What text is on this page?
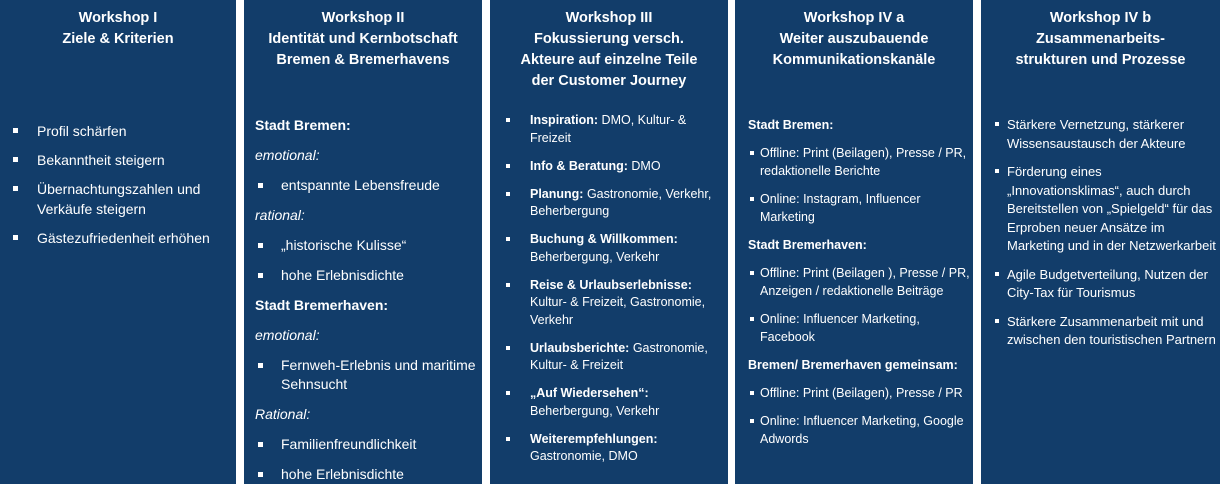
Workshop I
Ziele & Kriterien
Profil schärfen
Bekanntheit steigern
Übernachtungszahlen und Verkäufe steigern
Gästezufriedenheit erhöhen
Workshop II
Identität und Kernbotschaft
Bremen & Bremerhavens
Stadt Bremen:
emotional:
entspannte Lebensfreude
rational:
„historische Kulisse“
hohe Erlebnisdichte
Stadt Bremerhaven:
emotional:
Fernweh-Erlebnis und maritime Sehnsucht
Rational:
Familienfreundlichkeit
hohe Erlebnisdichte
Workshop III
Fokussierung versch.
Akteure auf einzelne Teile
der Customer Journey
Inspiration: DMO, Kultur- & Freizeit
Info & Beratung: DMO
Planung: Gastronomie, Verkehr, Beherbergung
Buchung & Willkommen: Beherbergung, Verkehr
Reise & Urlaubserlebnisse: Kultur- & Freizeit, Gastronomie, Verkehr
Urlaubsberichte: Gastronomie, Kultur- & Freizeit
„Auf Wiedersehen“: Beherbergung, Verkehr
Weiterempfehlungen: Gastronomie, DMO
Workshop IV a
Weiter auszubauende
Kommunikationskanäle
Stadt Bremen:
Offline: Print (Beilagen), Presse / PR, redaktionelle Berichte
Online: Instagram, Influencer Marketing
Stadt Bremerhaven:
Offline: Print (Beilagen ), Presse / PR, Anzeigen / redaktionelle Beiträge
Online: Influencer Marketing, Facebook
Bremen/ Bremerhaven gemeinsam:
Offline: Print (Beilagen), Presse / PR
Online: Influencer Marketing, Google Adwords
Workshop IV b
Zusammenarbeits-
strukturen und Prozesse
Stärkere Vernetzung, stärkerer Wissensaustausch der Akteure
Förderung eines „Innovationsklimas“, auch durch Bereitstellen von „Spielgeld“ für das Erproben neuer Ansätze im Marketing und in der Netzwerkarbeit
Agile Budgetverteilung, Nutzen der City-Tax für Tourismus
Stärkere Zusammenarbeit mit und zwischen den touristischen Partnern
